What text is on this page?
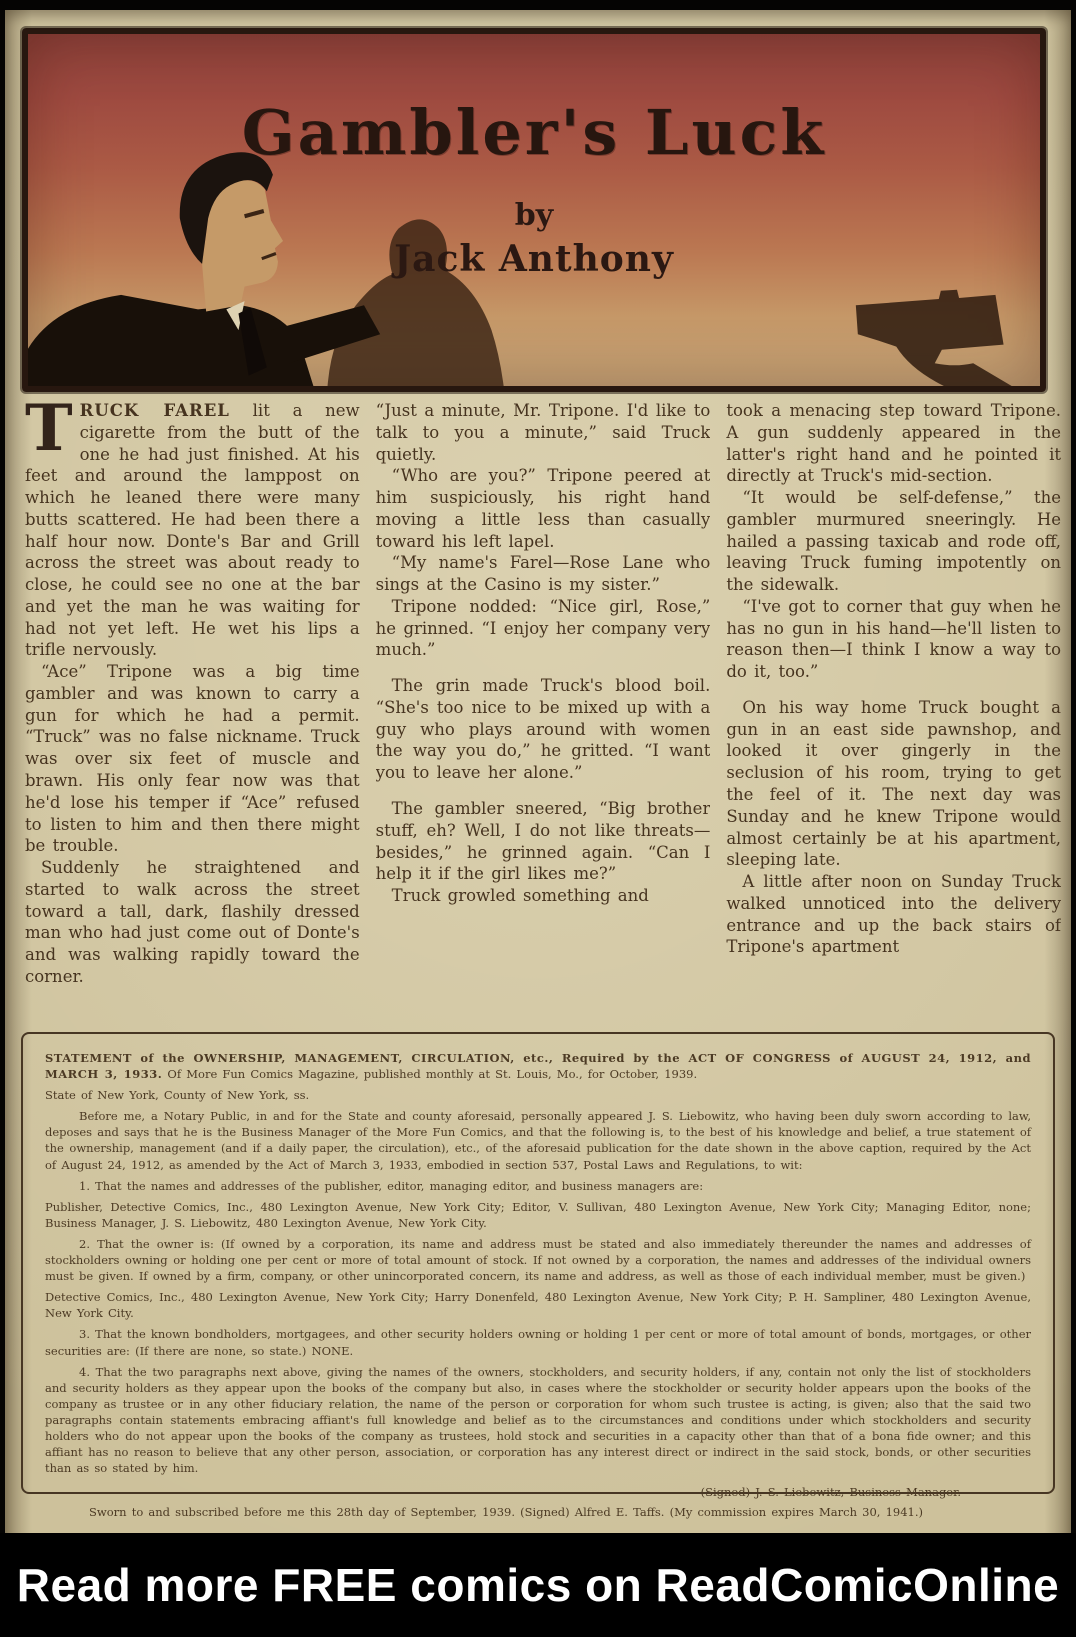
Gambler's Luck
by
Jack Anthony

TRUCK FAREL lit a new cigarette from the butt of the one he had just finished. At his feet and around the lamppost on which he leaned there were many butts scattered. He had been there a half hour now. Donte's Bar and Grill across the street was about ready to close, he could see no one at the bar and yet the man he was waiting for had not yet left. He wet his lips a trifle nervously.

“Ace” Tripone was a big time gambler and was known to carry a gun for which he had a permit. “Truck” was no false nickname. Truck was over six feet of muscle and brawn. His only fear now was that he'd lose his temper if “Ace” refused to listen to him and then there might be trouble.

Suddenly he straightened and started to walk across the street toward a tall, dark, flashily dressed man who had just come out of Donte's and was walking rapidly toward the corner.

“Just a minute, Mr. Tripone. I'd like to talk to you a minute,” said Truck quietly.

“Who are you?” Tripone peered at him suspiciously, his right hand moving a little less than casually toward his left lapel.

“My name's Farel—Rose Lane who sings at the Casino is my sister.”

Tripone nodded: “Nice girl, Rose,” he grinned. “I enjoy her company very much.”

The grin made Truck's blood boil. “She's too nice to be mixed up with a guy who plays around with women the way you do,” he gritted. “I want you to leave her alone.”

The gambler sneered, “Big brother stuff, eh? Well, I do not like threats—besides,” he grinned again. “Can I help it if the girl likes me?”

Truck growled something and

took a menacing step toward Tripone. A gun suddenly appeared in the latter's right hand and he pointed it directly at Truck's mid-section.

“It would be self-defense,” the gambler murmured sneeringly. He hailed a passing taxicab and rode off, leaving Truck fuming impotently on the sidewalk.

“I've got to corner that guy when he has no gun in his hand—he'll listen to reason then—I think I know a way to do it, too.”

On his way home Truck bought a gun in an east side pawnshop, and looked it over gingerly in the seclusion of his room, trying to get the feel of it. The next day was Sunday and he knew Tripone would almost certainly be at his apartment, sleeping late.

A little after noon on Sunday Truck walked unnoticed into the delivery entrance and up the back stairs of Tripone's apartment

STATEMENT of the OWNERSHIP, MANAGEMENT, CIRCULATION, etc., Required by the ACT OF CONGRESS of AUGUST 24, 1912, and MARCH 3, 1933. Of More Fun Comics Magazine, published monthly at St. Louis, Mo., for October, 1939.

State of New York, County of New York, ss.

Before me, a Notary Public, in and for the State and county aforesaid, personally appeared J. S. Liebowitz, who having been duly sworn according to law, deposes and says that he is the Business Manager of the More Fun Comics, and that the following is, to the best of his knowledge and belief, a true statement of the ownership, management (and if a daily paper, the circulation), etc., of the aforesaid publication for the date shown in the above caption, required by the Act of August 24, 1912, as amended by the Act of March 3, 1933, embodied in section 537, Postal Laws and Regulations, to wit:

1. That the names and addresses of the publisher, editor, managing editor, and business managers are:

Publisher, Detective Comics, Inc., 480 Lexington Avenue, New York City; Editor, V. Sullivan, 480 Lexington Avenue, New York City; Managing Editor, none; Business Manager, J. S. Liebowitz, 480 Lexington Avenue, New York City.

2. That the owner is: (If owned by a corporation, its name and address must be stated and also immediately thereunder the names and addresses of stockholders owning or holding one per cent or more of total amount of stock. If not owned by a corporation, the names and addresses of the individual owners must be given. If owned by a firm, company, or other unincorporated concern, its name and address, as well as those of each individual member, must be given.)

Detective Comics, Inc., 480 Lexington Avenue, New York City; Harry Donenfeld, 480 Lexington Avenue, New York City; P. H. Sampliner, 480 Lexington Avenue, New York City.

3. That the known bondholders, mortgagees, and other security holders owning or holding 1 per cent or more of total amount of bonds, mortgages, or other securities are: (If there are none, so state.) NONE.

4. That the two paragraphs next above, giving the names of the owners, stockholders, and security holders, if any, contain not only the list of stockholders and security holders as they appear upon the books of the company but also, in cases where the stockholder or security holder appears upon the books of the company as trustee or in any other fiduciary relation, the name of the person or corporation for whom such trustee is acting, is given; also that the said two paragraphs contain statements embracing affiant's full knowledge and belief as to the circumstances and conditions under which stockholders and security holders who do not appear upon the books of the company as trustees, hold stock and securities in a capacity other than that of a bona fide owner; and this affiant has no reason to believe that any other person, association, or corporation has any interest direct or indirect in the said stock, bonds, or other securities than as so stated by him.

(Signed) J. S. Liebowitz, Business Manager.

Sworn to and subscribed before me this 28th day of September, 1939. (Signed) Alfred E. Taffs. (My commission expires March 30, 1941.)

Read more FREE comics on ReadComicOnline
